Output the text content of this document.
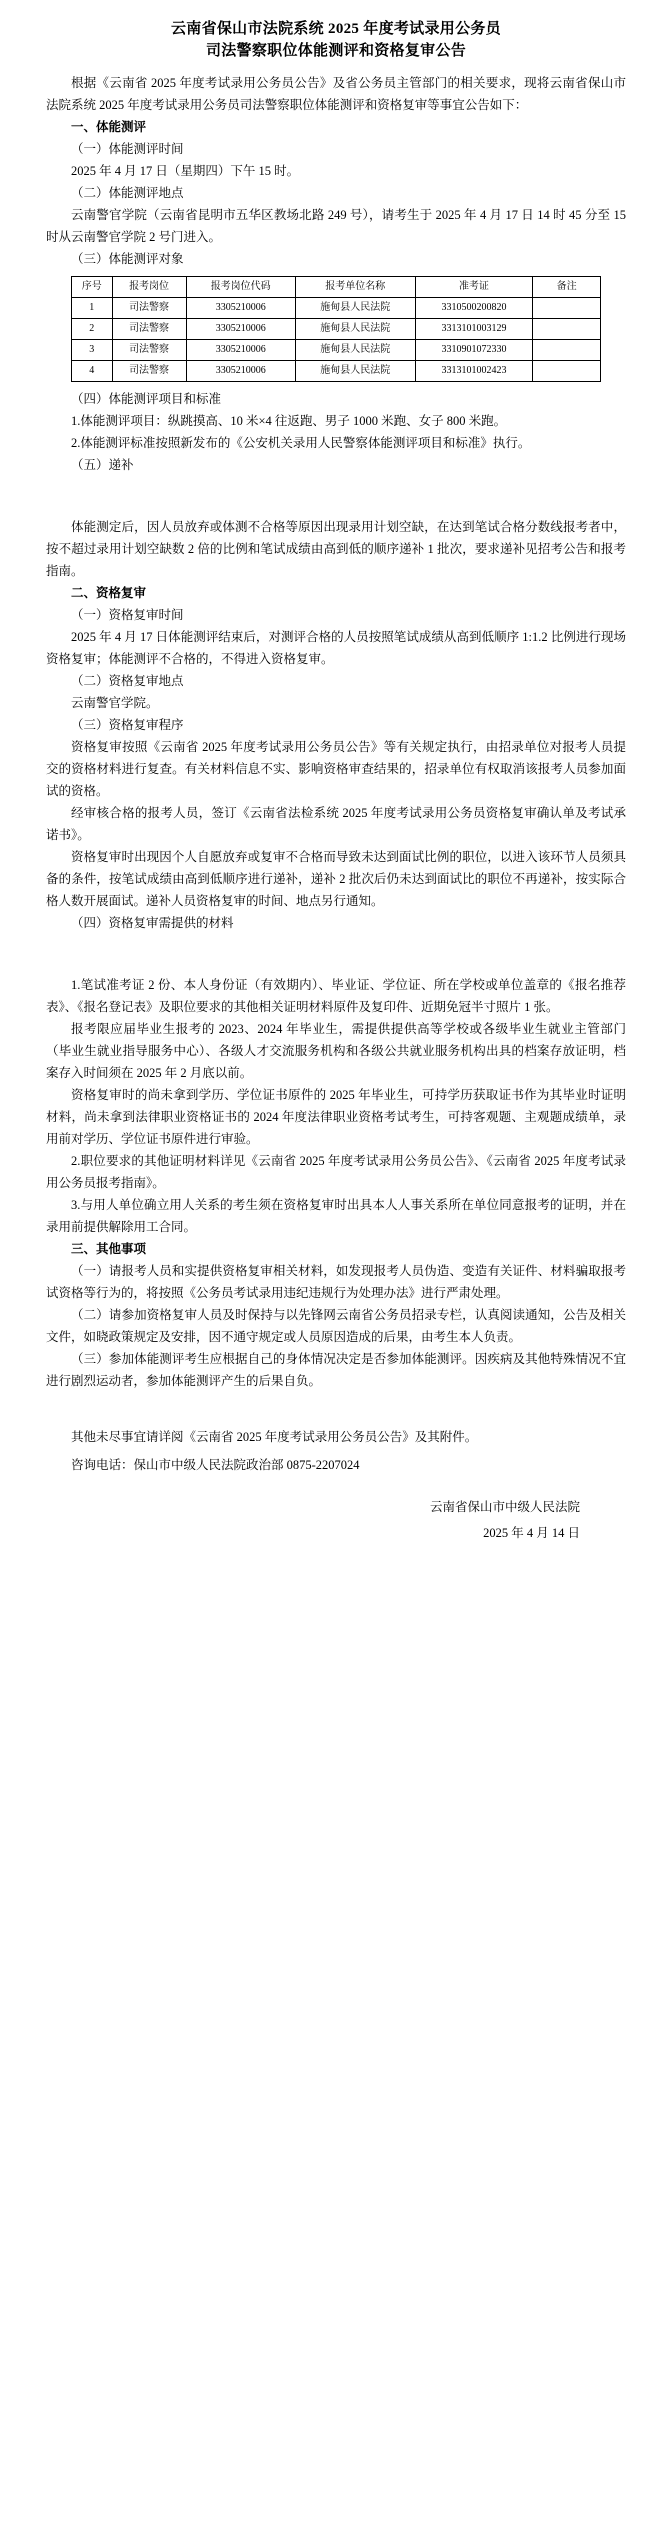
云南省保山市法院系统 2025 年度考试录用公务员
司法警察职位体能测评和资格复审公告

根据《云南省 2025 年度考试录用公务员公告》及省公务员主管部门的相关要求，现将云南省保山市法院系统 2025 年度考试录用公务员司法警察职位体能测评和资格复审等事宜公告如下：

一、体能测评

（一）体能测评时间

2025 年 4 月 17 日（星期四）下午 15 时。

（二）体能测评地点

云南警官学院（云南省昆明市五华区教场北路 249 号），请考生于 2025 年 4 月 17 日 14 时 45 分至 15 时从云南警官学院 2 号门进入。

（三）体能测评对象

序号	报考岗位	报考岗位代码	报考单位名称	准考证	备注
1	司法警察	3305210006	施甸县人民法院	3310500200820	
2	司法警察	3305210006	施甸县人民法院	3313101003129	
3	司法警察	3305210006	施甸县人民法院	3310901072330	
4	司法警察	3305210006	施甸县人民法院	3313101002423	

（四）体能测评项目和标准

1.体能测评项目：纵跳摸高、10 米×4 往返跑、男子 1000 米跑、女子 800 米跑。

2.体能测评标准按照新发布的《公安机关录用人民警察体能测评项目和标准》执行。

（五）递补

体能测定后，因人员放弃或体测不合格等原因出现录用计划空缺，在达到笔试合格分数线报考者中，按不超过录用计划空缺数 2 倍的比例和笔试成绩由高到低的顺序递补 1 批次，要求递补见招考公告和报考指南。

二、资格复审

（一）资格复审时间

2025 年 4 月 17 日体能测评结束后，对测评合格的人员按照笔试成绩从高到低顺序 1:1.2 比例进行现场资格复审；体能测评不合格的，不得进入资格复审。

（二）资格复审地点

云南警官学院。

（三）资格复审程序

资格复审按照《云南省 2025 年度考试录用公务员公告》等有关规定执行，由招录单位对报考人员提交的资格材料进行复查。有关材料信息不实、影响资格审查结果的，招录单位有权取消该报考人员参加面试的资格。

经审核合格的报考人员，签订《云南省法检系统 2025 年度考试录用公务员资格复审确认单及考试承诺书》。

资格复审时出现因个人自愿放弃或复审不合格而导致未达到面试比例的职位，以进入该环节人员须具备的条件，按笔试成绩由高到低顺序进行递补，递补 2 批次后仍未达到面试比的职位不再递补，按实际合格人数开展面试。递补人员资格复审的时间、地点另行通知。

（四）资格复审需提供的材料

1.笔试准考证 2 份、本人身份证（有效期内）、毕业证、学位证、所在学校或单位盖章的《报名推荐表》、《报名登记表》及职位要求的其他相关证明材料原件及复印件、近期免冠半寸照片 1 张。

报考限应届毕业生报考的 2023、2024 年毕业生，需提供提供高等学校或各级毕业生就业主管部门（毕业生就业指导服务中心）、各级人才交流服务机构和各级公共就业服务机构出具的档案存放证明，档案存入时间须在 2025 年 2 月底以前。

资格复审时的尚未拿到学历、学位证书原件的 2025 年毕业生，可持学历获取证书作为其毕业时证明材料，尚未拿到法律职业资格证书的 2024 年度法律职业资格考试考生，可持客观题、主观题成绩单，录用前对学历、学位证书原件进行审验。

2.职位要求的其他证明材料详见《云南省 2025 年度考试录用公务员公告》、《云南省 2025 年度考试录用公务员报考指南》。

3.与用人单位确立用人关系的考生须在资格复审时出具本人人事关系所在单位同意报考的证明，并在录用前提供解除用工合同。

三、其他事项

（一）请报考人员和实提供资格复审相关材料，如发现报考人员伪造、变造有关证件、材料骗取报考试资格等行为的，将按照《公务员考试录用违纪违规行为处理办法》进行严肃处理。

（二）请参加资格复审人员及时保持与以先锋网云南省公务员招录专栏，认真阅读通知，公告及相关文件，如晓政策规定及安排，因不通守规定或人员原因造成的后果，由考生本人负责。

（三）参加体能测评考生应根据自己的身体情况决定是否参加体能测评。因疾病及其他特殊情况不宜进行剧烈运动者，参加体能测评产生的后果自负。

其他未尽事宜请详阅《云南省 2025 年度考试录用公务员公告》及其附件。

咨询电话：保山市中级人民法院政治部 0875-2207024

云南省保山市中级人民法院

2025 年 4 月 14 日
